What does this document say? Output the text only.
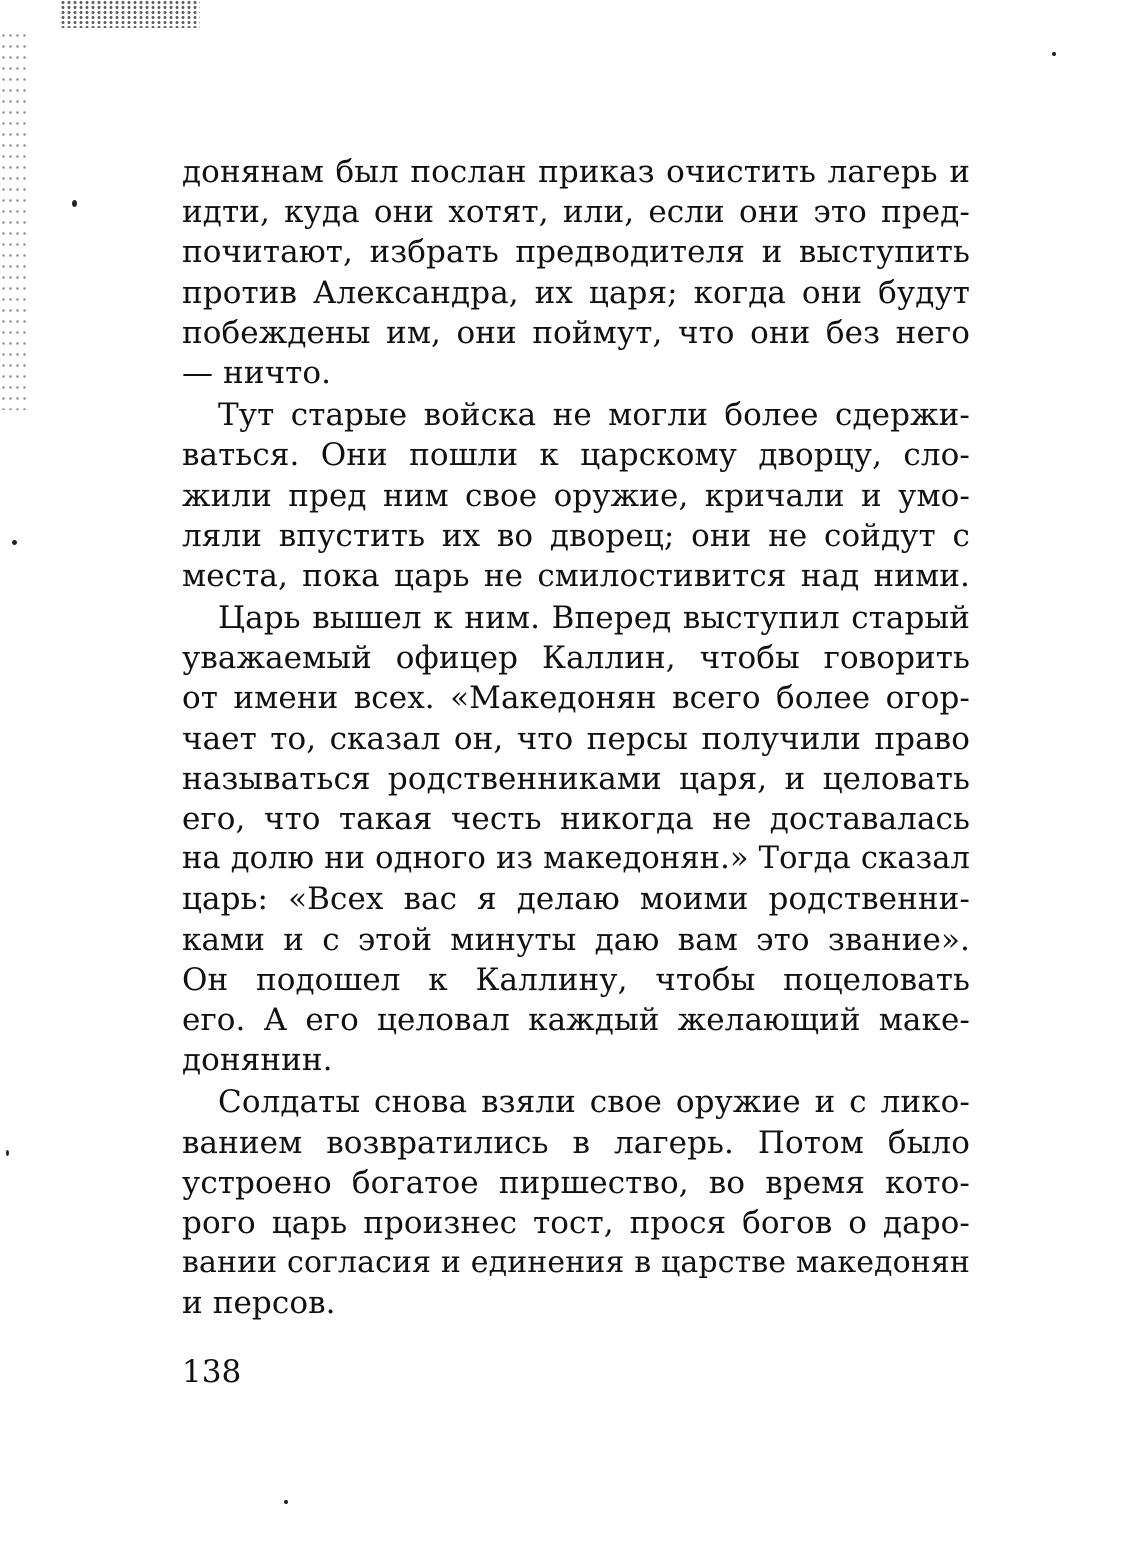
донянам был послан приказ очистить лагерь и
идти, куда они хотят, или, если они это пред-
почитают, избрать предводителя и выступить
против Александра, их царя; когда они будут
побеждены им, они поймут, что они без него
— ничто.
Тут старые войска не могли более сдержи-
ваться. Они пошли к царскому дворцу, сло-
жили пред ним свое оружие, кричали и умо-
ляли впустить их во дворец; они не сойдут с
места, пока царь не смилостивится над ними.
Царь вышел к ним. Вперед выступил старый
уважаемый офицер Каллин, чтобы говорить
от имени всех. «Македонян всего более огор-
чает то, сказал он, что персы получили право
называться родственниками царя, и целовать
его, что такая честь никогда не доставалась
на долю ни одного из македонян.» Тогда сказал
царь: «Всех вас я делаю моими родственни-
ками и с этой минуты даю вам это звание».
Он подошел к Каллину, чтобы поцеловать
его. А его целовал каждый желающий маке-
донянин.
Солдаты снова взяли свое оружие и с лико-
ванием возвратились в лагерь. Потом было
устроено богатое пиршество, во время кото-
рого царь произнес тост, прося богов о даро-
вании согласия и единения в царстве македонян
и персов.
138
